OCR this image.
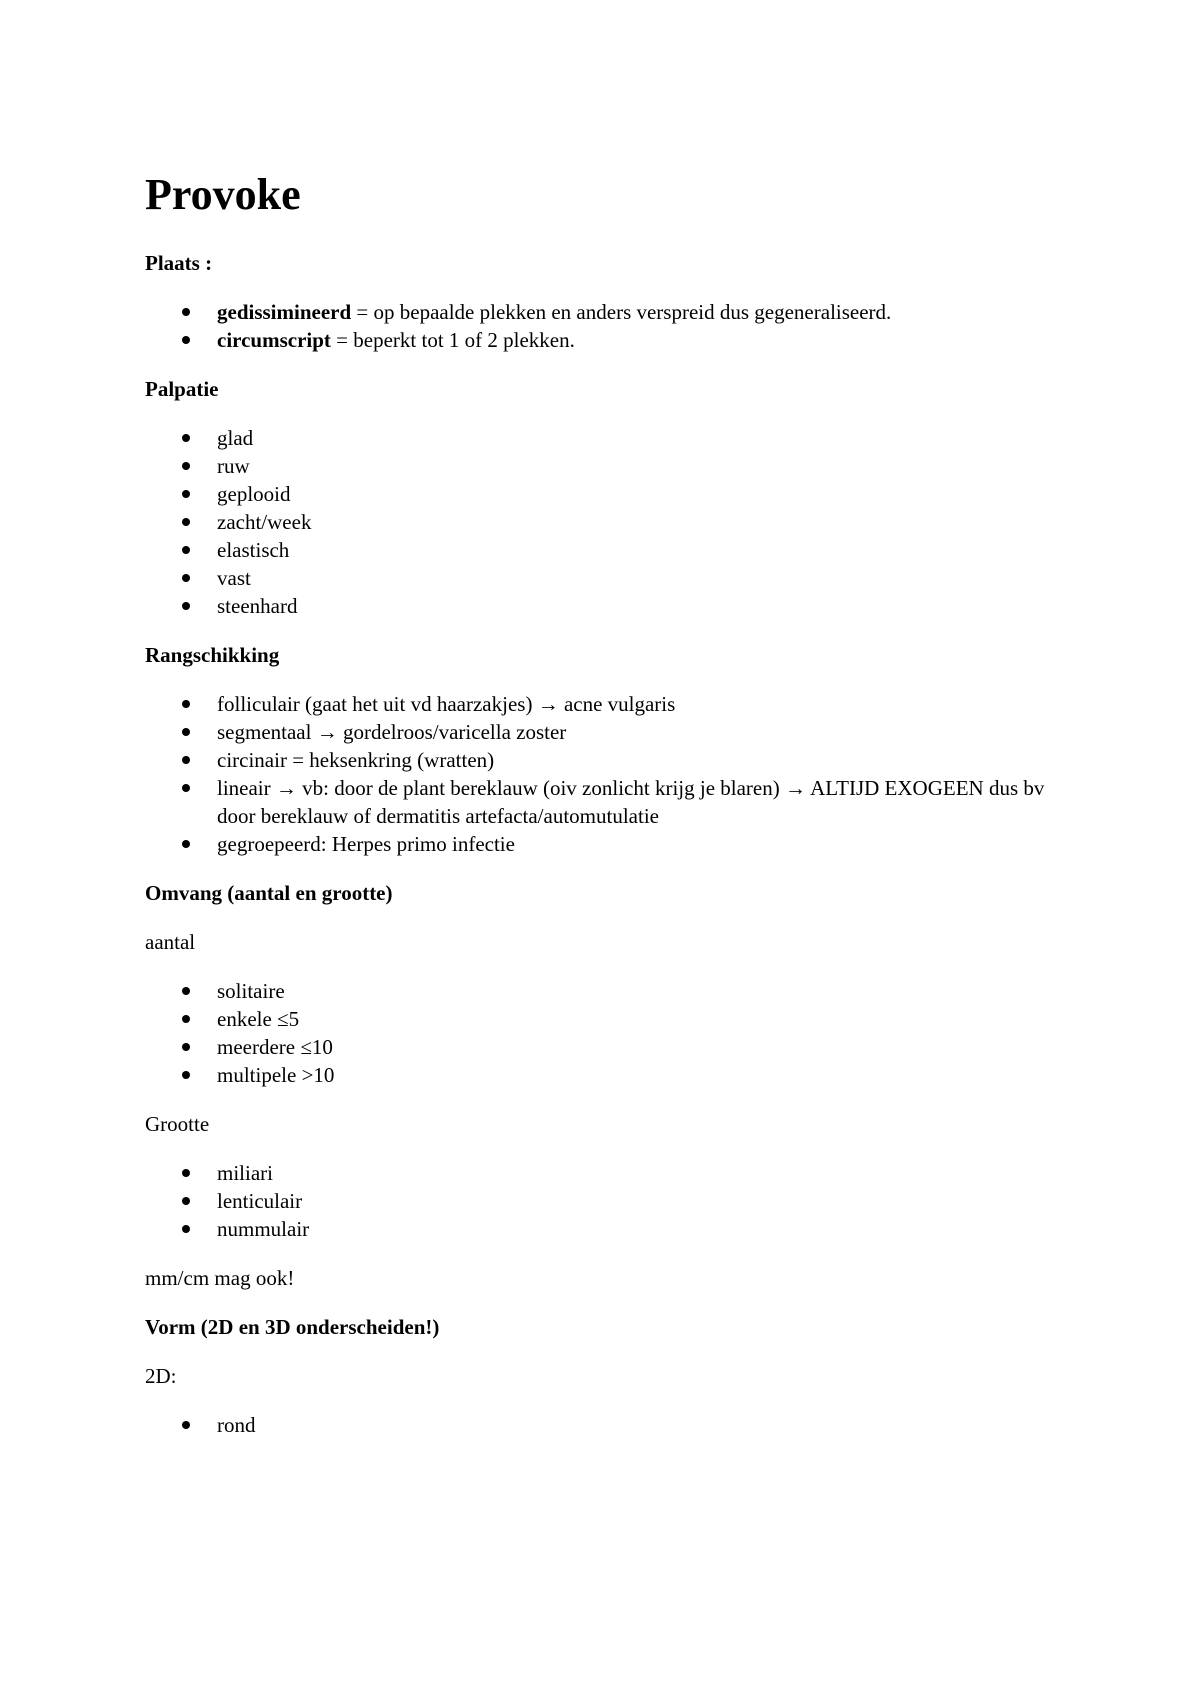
Provoke

Plaats :

gedissimineerd = op bepaalde plekken en anders verspreid dus gegeneraliseerd.
circumscript = beperkt tot 1 of 2 plekken.

Palpatie

glad
ruw
geplooid
zacht/week
elastisch
vast
steenhard

Rangschikking

folliculair (gaat het uit vd haarzakjes) → acne vulgaris
segmentaal → gordelroos/varicella zoster
circinair = heksenkring (wratten)
lineair → vb: door de plant bereklauw (oiv zonlicht krijg je blaren) → ALTIJD EXOGEEN dus bv door bereklauw of dermatitis artefacta/automutulatie
gegroepeerd: Herpes primo infectie

Omvang (aantal en grootte)

aantal

solitaire
enkele ≤5
meerdere ≤10
multipele >10

Grootte

miliari
lenticulair
nummulair

mm/cm mag ook!

Vorm (2D en 3D onderscheiden!)

2D:

rond
